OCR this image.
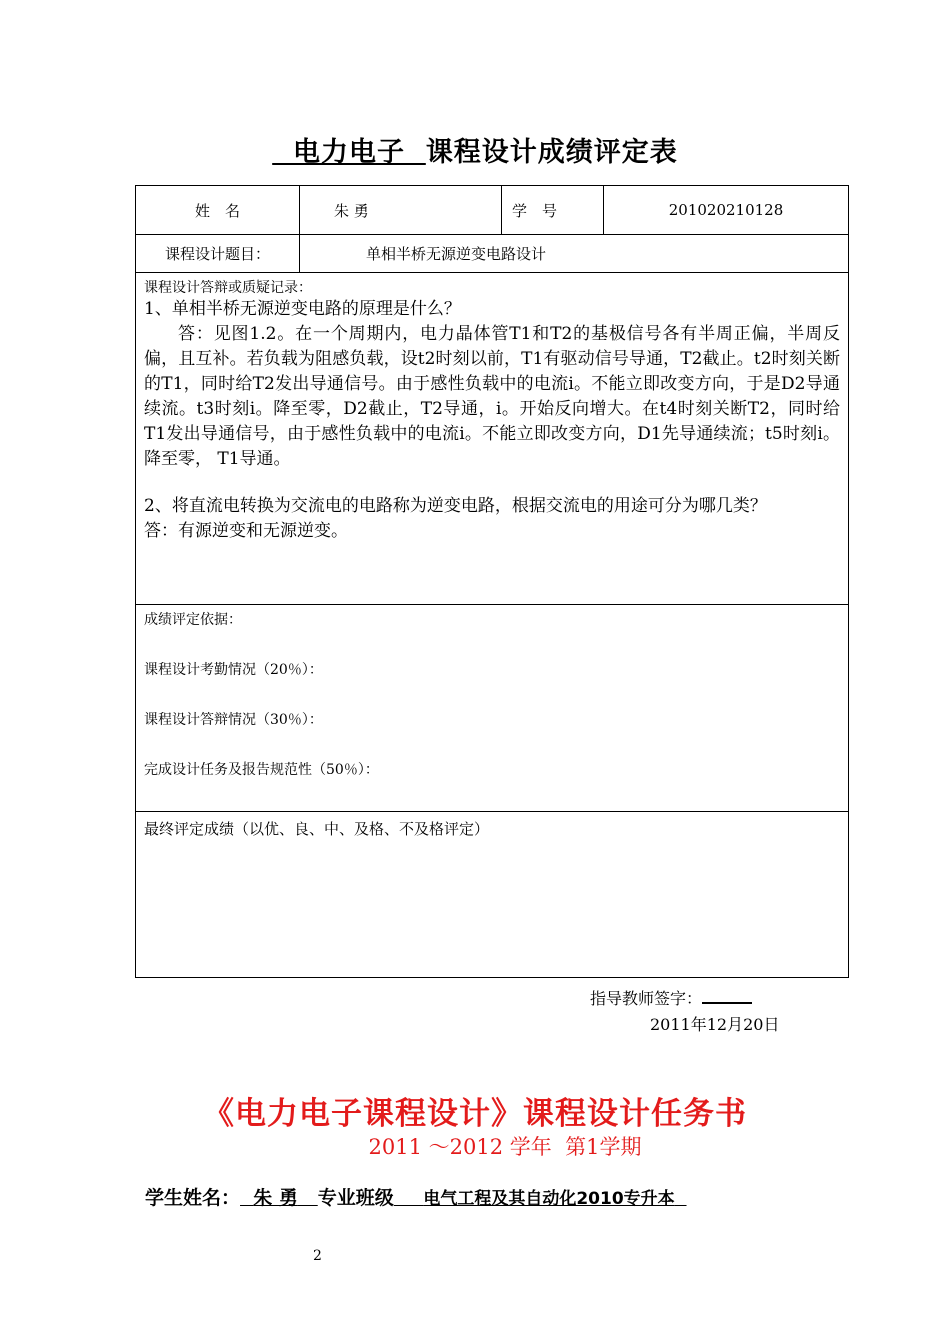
电力电子 课程设计成绩评定表
姓　名	朱 勇	学　号	201020210128
课程设计题目：	单相半桥无源逆变电路设计		

课程设计答辩或质疑记录：

1、单相半桥无源逆变电路的原理是什么？

答：见图1.2。在一个周期内，电力晶体管T1和T2的基极信号各有半周正偏，半周反偏，且互补。若负载为阻感负载，设t2时刻以前，T1有驱动信号导通，T2截止。t2时刻关断的T1，同时给T2发出导通信号。由于感性负载中的电流i。不能立即改变方向，于是D2导通续流。t3时刻i。降至零，D2截止，T2导通，i。开始反向增大。在t4时刻关断T2，同时给T1发出导通信号，由于感性负载中的电流i。不能立即改变方向，D1先导通续流；t5时刻i。降至零， T1导通。

2、将直流电转换为交流电的电路称为逆变电路，根据交流电的用途可分为哪几类？

答：有源逆变和无源逆变。			

成绩评定依据：
课程设计考勤情况（20％）：
课程设计答辩情况（30％）：
完成设计任务及报告规范性（50％）：			

最终评定成绩（以优、良、中、及格、不及格评定）			
指导教师签字：
2011年12月20日
《电力电子课程设计》课程设计任务书
2011 ～2012 学年  第1学期
学生姓名： 朱 勇 专业班级 电气工程及其自动化2010专升本
2
